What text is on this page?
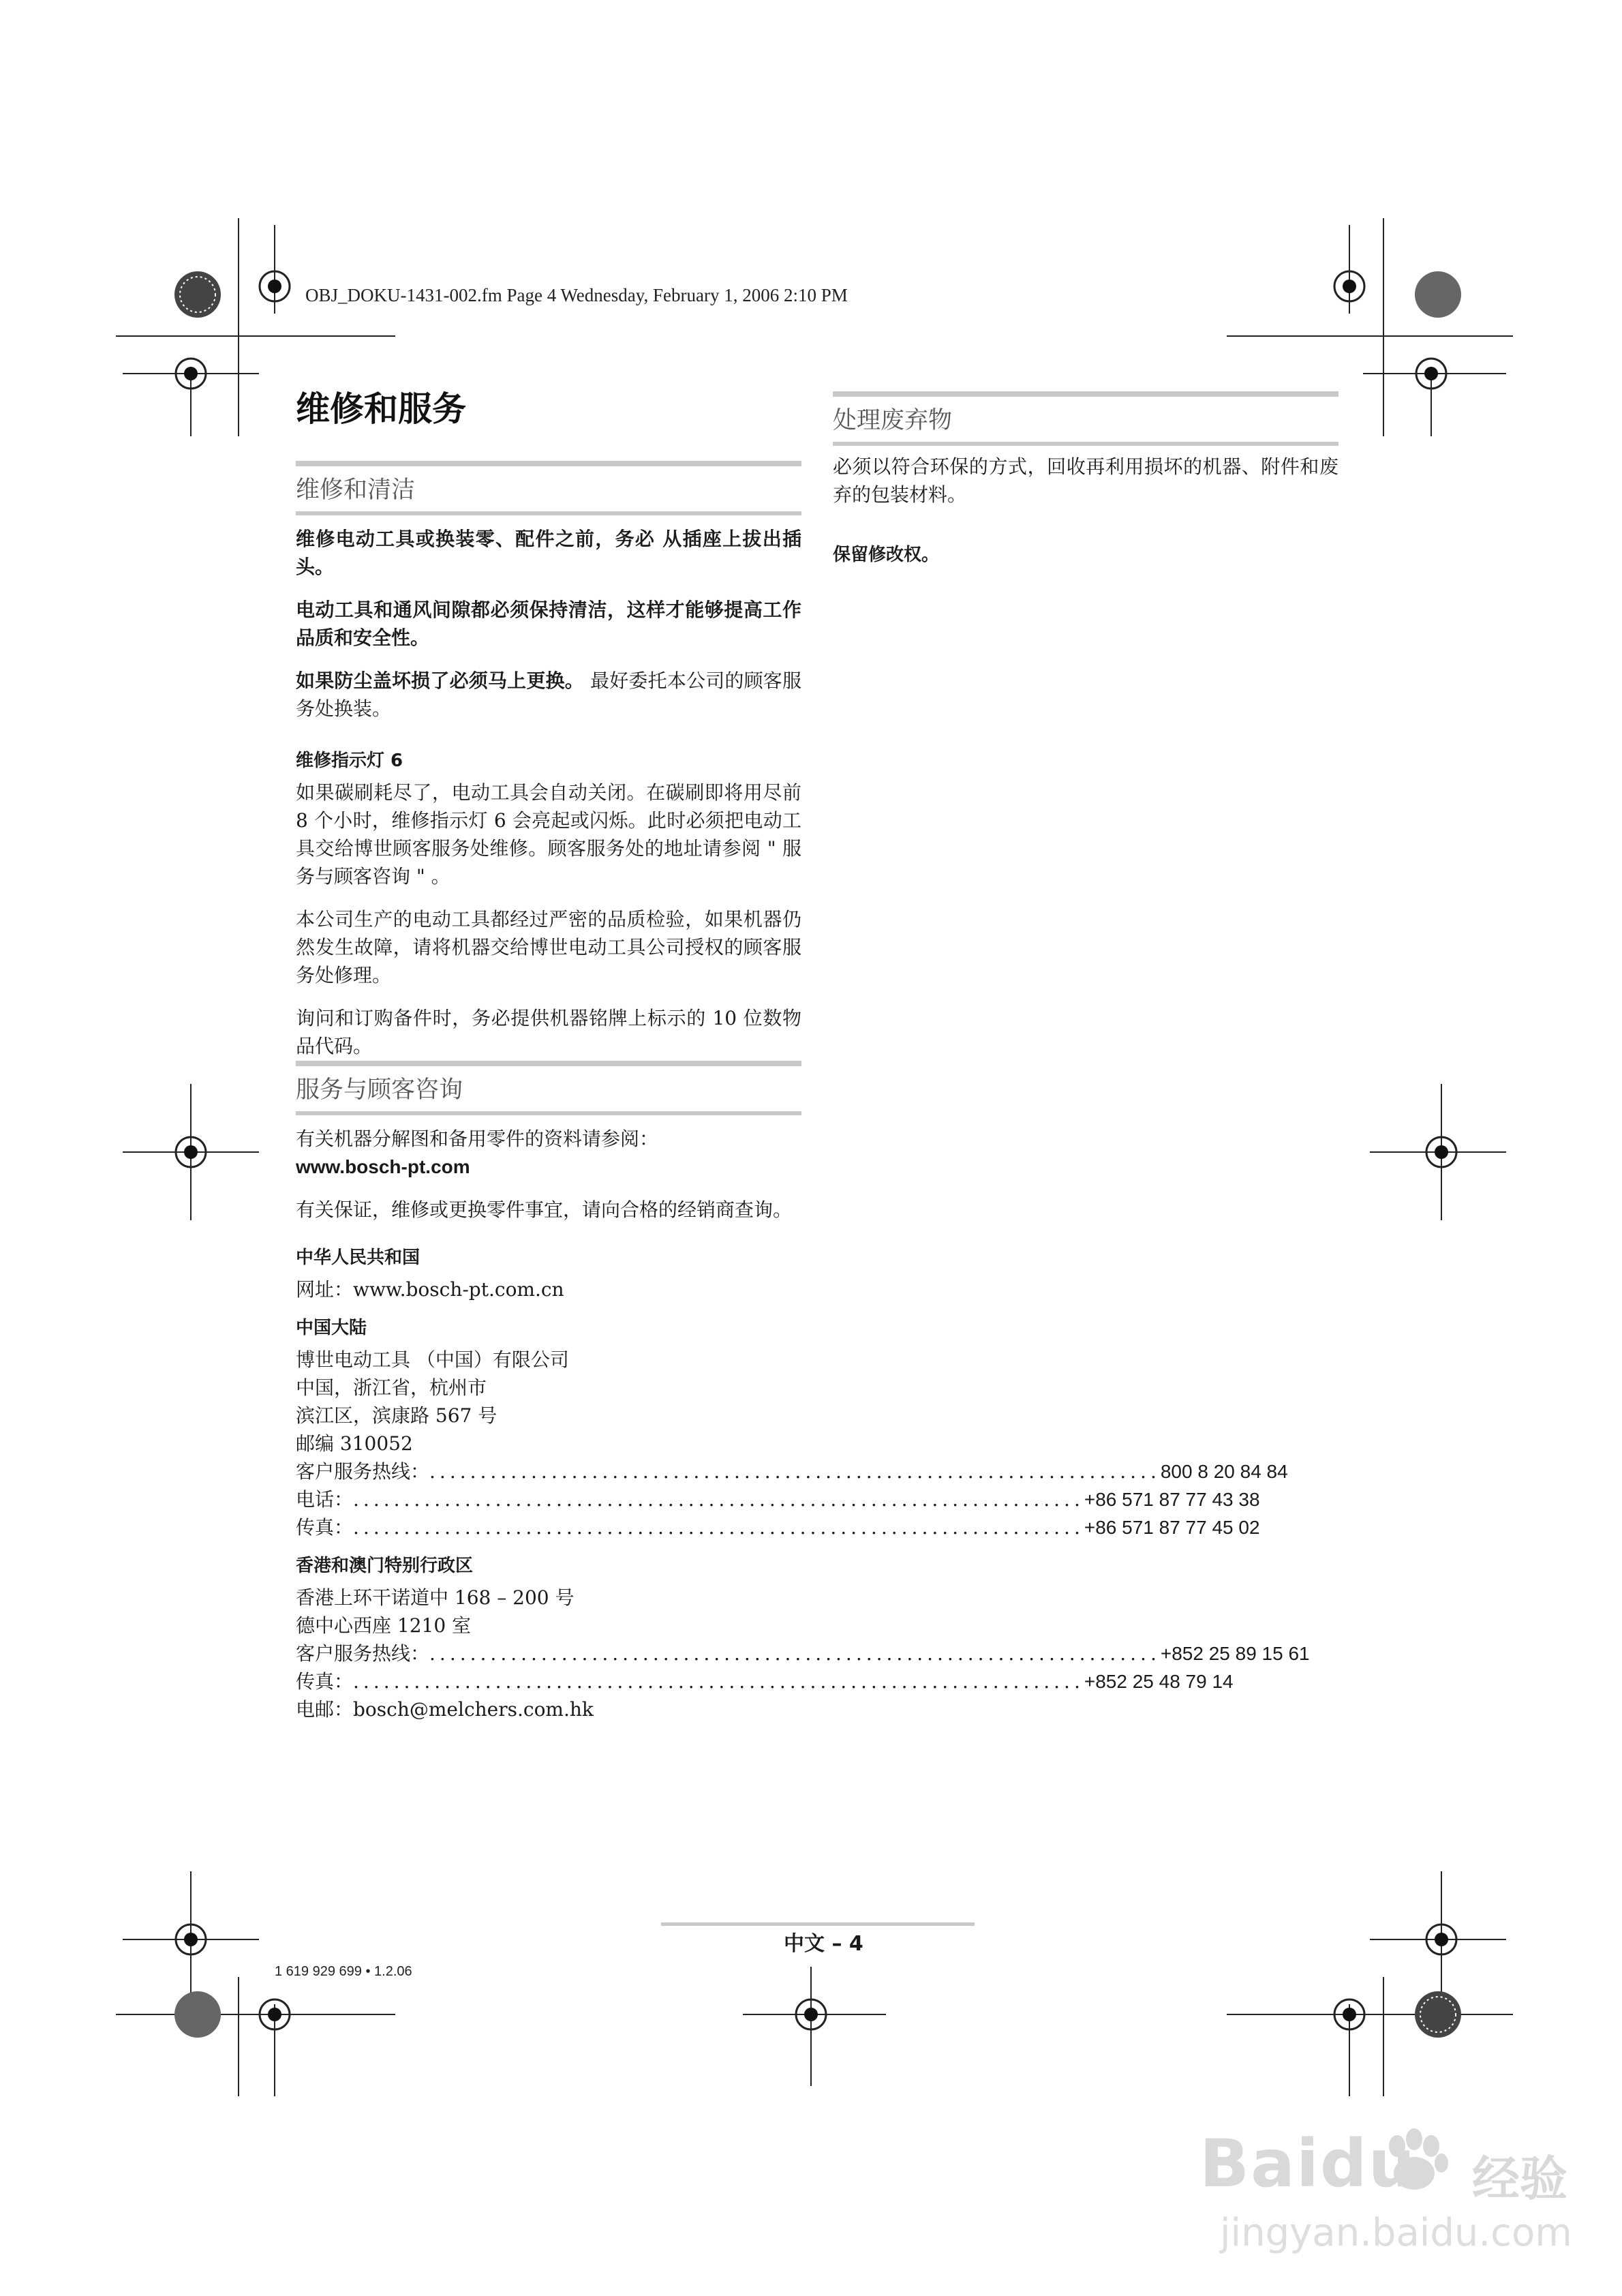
OBJ_DOKU-1431-002.fm Page 4 Wednesday, February 1, 2006 2:10 PM
维修和服务
维修和清洁
维修电动工具或换装零、配件之前，务必 从插座上拔出插头。
电动工具和通风间隙都必须保持清洁，这样才能够提高工作品质和安全性。
如果防尘盖坏损了必须马上更换。 最好委托本公司的顾客服务处换装。
维修指示灯 6
如果碳刷耗尽了，电动工具会自动关闭。在碳刷即将用尽前 8 个小时，维修指示灯 6 会亮起或闪烁。此时必须把电动工具交给博世顾客服务处维修。顾客服务处的地址请参阅 " 服务与顾客咨询 " 。
本公司生产的电动工具都经过严密的品质检验，如果机器仍然发生故障，请将机器交给博世电动工具公司授权的顾客服务处修理。
询问和订购备件时，务必提供机器铭牌上标示的 10 位数物品代码。
服务与顾客咨询
有关机器分解图和备用零件的资料请参阅：
www.bosch-pt.com
有关保证，维修或更换零件事宜，请向合格的经销商查询。
中华人民共和国
网址：www.bosch-pt.com.cn
中国大陆
博世电动工具 （中国）有限公司
中国，浙江省，杭州市
滨江区，滨康路 567 号
邮编 310052
客户服务热线： ........................................................................ 800 8 20 84 84
电话： ........................................................................ +86 571 87 77 43 38
传真： ........................................................................ +86 571 87 77 45 02
香港和澳门特别行政区
香港上环干诺道中 168 – 200 号
德中心西座 1210 室
客户服务热线： ........................................................................ +852 25 89 15 61
传真： ........................................................................ +852 25 48 79 14
电邮：bosch@melchers.com.hk
处理废弃物
必须以符合环保的方式，回收再利用损坏的机器、附件和废弃的包装材料。
保留修改权。
1 619 929 699 • 1.2.06
中文 – 4
Baidu 经验
jingyan.baidu.com
